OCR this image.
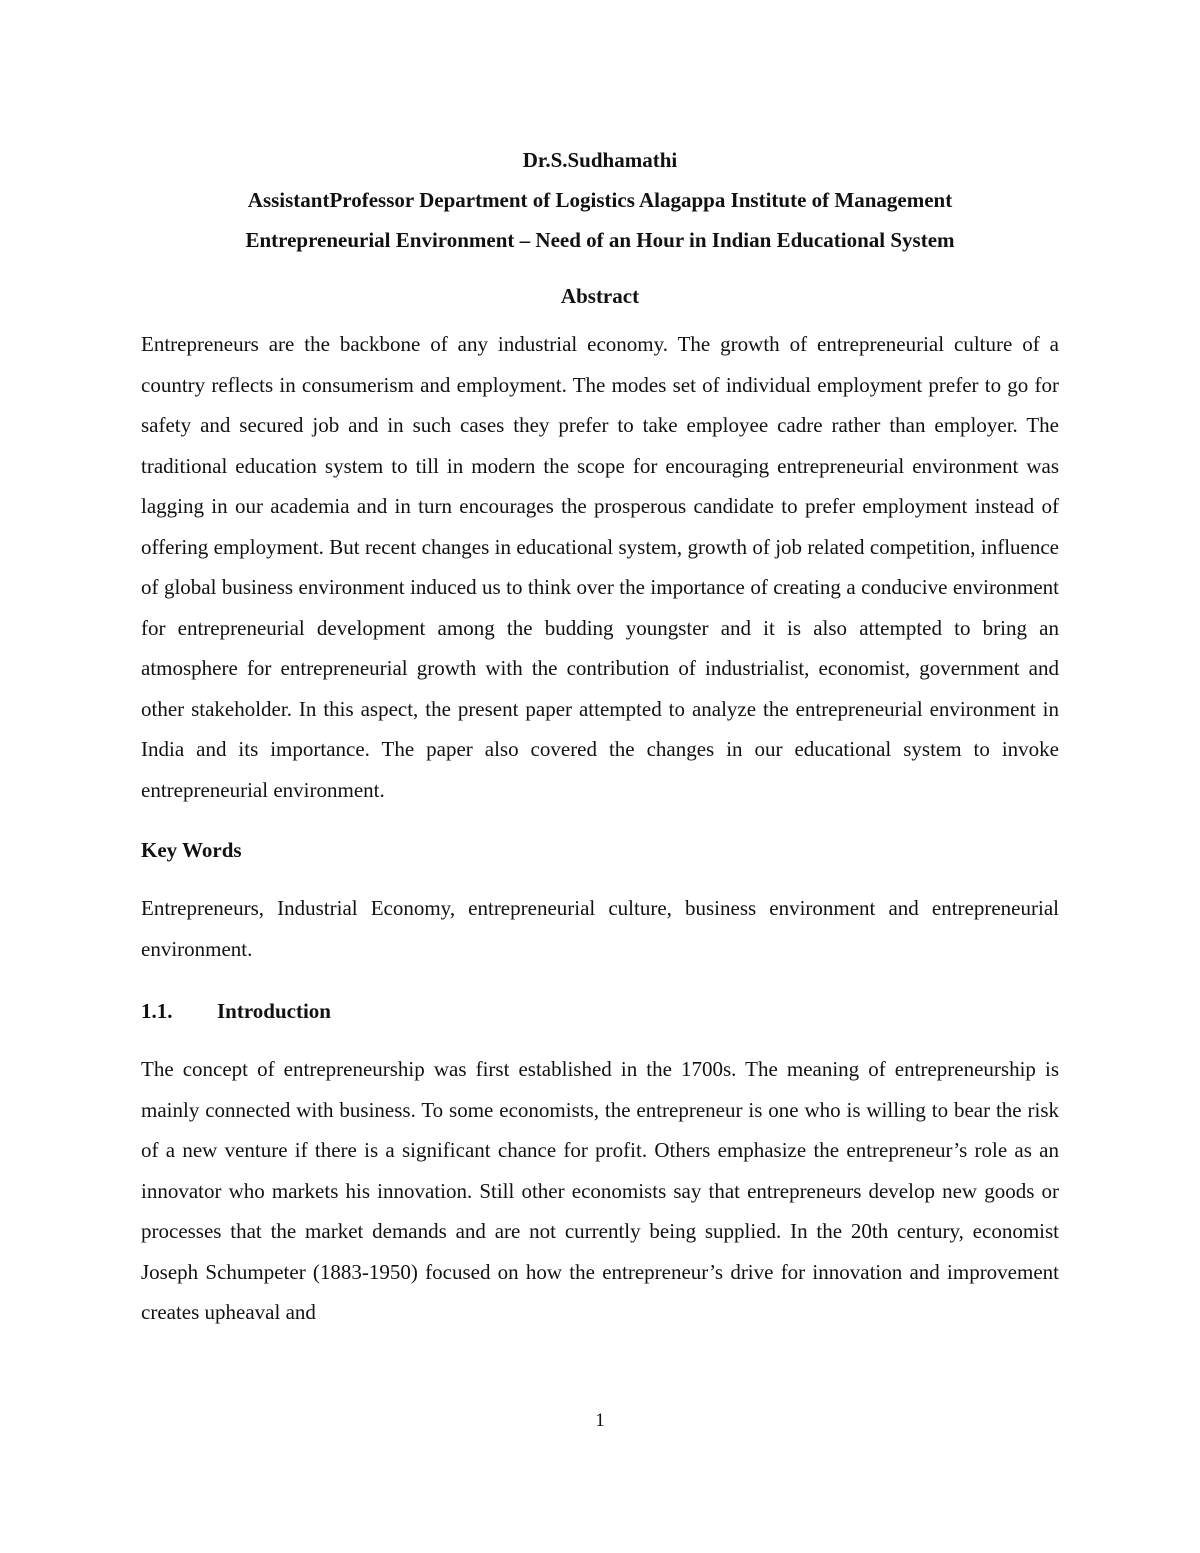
Dr.S.Sudhamathi

AssistantProfessor Department of Logistics Alagappa Institute of Management

Entrepreneurial Environment – Need of an Hour in Indian Educational System

Abstract

Entrepreneurs are the backbone of any industrial economy. The growth of entrepreneurial culture of a country reflects in consumerism and employment. The modes set of individual employment prefer to go for safety and secured job and in such cases they prefer to take employee cadre rather than employer. The traditional education system to till in modern the scope for encouraging entrepreneurial environment was lagging in our academia and in turn encourages the prosperous candidate to prefer employment instead of offering employment. But recent changes in educational system, growth of job related competition, influence of global business environment induced us to think over the importance of creating a conducive environment for entrepreneurial development among the budding youngster and it is also attempted to bring an atmosphere for entrepreneurial growth with the contribution of industrialist, economist, government and other stakeholder. In this aspect, the present paper attempted to analyze the entrepreneurial environment in India and its importance. The paper also covered the changes in our educational system to invoke entrepreneurial environment.

Key Words

Entrepreneurs, Industrial Economy, entrepreneurial culture, business environment and entrepreneurial environment.

1.1.	Introduction

The concept of entrepreneurship was first established in the 1700s. The meaning of entrepreneurship is mainly connected with business. To some economists, the entrepreneur is one who is willing to bear the risk of a new venture if there is a significant chance for profit. Others emphasize the entrepreneur’s role as an innovator who markets his innovation. Still other economists say that entrepreneurs develop new goods or processes that the market demands and are not currently being supplied. In the 20th century, economist Joseph Schumpeter (1883-1950) focused on how the entrepreneur’s drive for innovation and improvement creates upheaval and

1
